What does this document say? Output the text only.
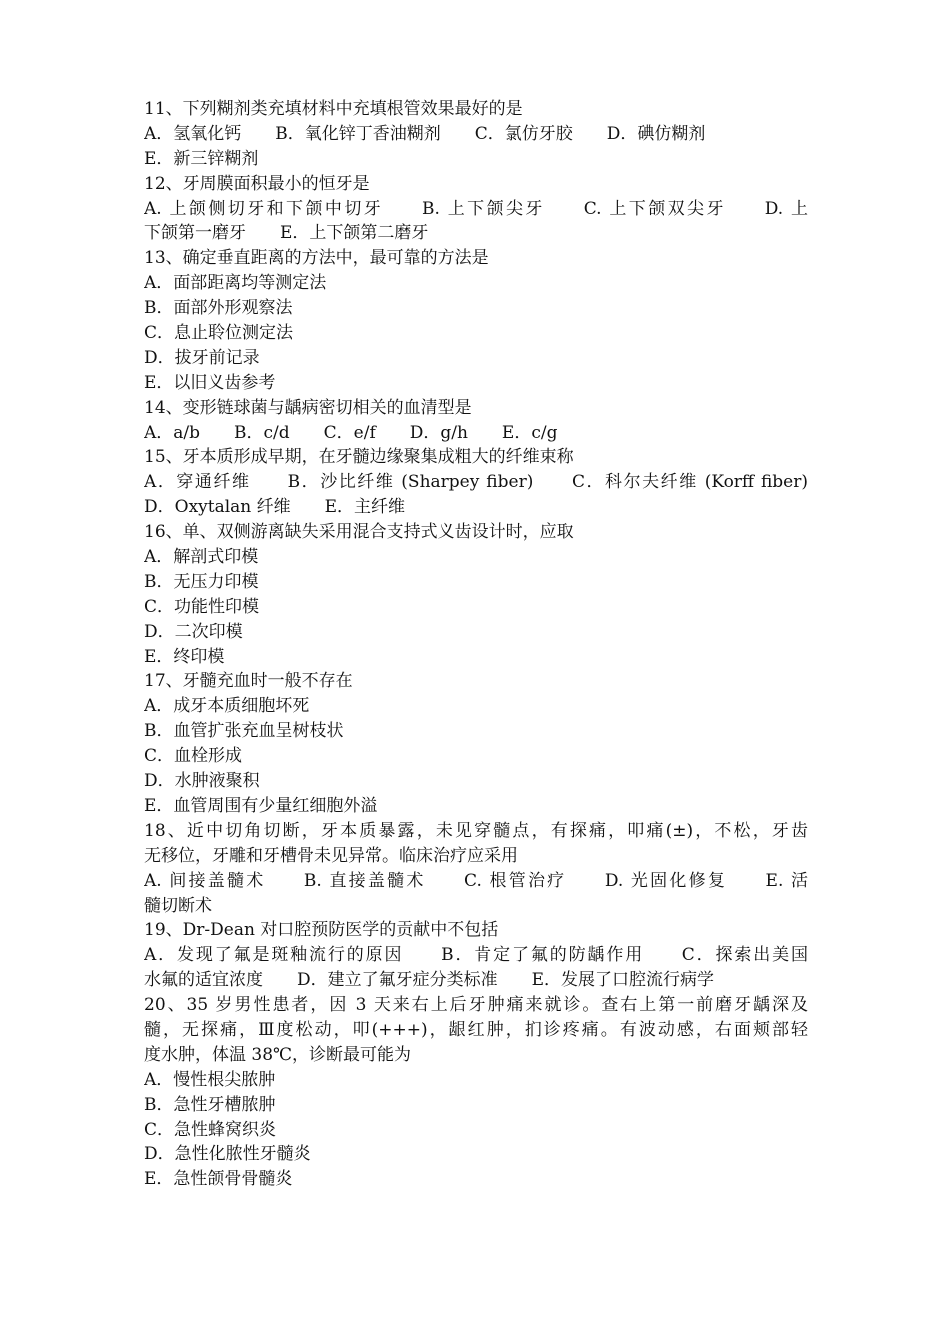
11、下列糊剂类充填材料中充填根管效果最好的是
A．氢氧化钙　　B．氧化锌丁香油糊剂　　C．氯仿牙胶　　D．碘仿糊剂
E．新三锌糊剂
12、牙周膜面积最小的恒牙是
A. 上颌侧切牙和下颌中切牙　　B. 上下颌尖牙　　C. 上下颌双尖牙　　D. 上
下颌第一磨牙　　E．上下颌第二磨牙
13、确定垂直距离的方法中，最可靠的方法是
A．面部距离均等测定法
B．面部外形观察法
C．息止聆位测定法
D．拔牙前记录
E．以旧义齿参考
14、变形链球菌与龋病密切相关的血清型是
A．a/b　　B．c/d　　C．e/f　　D．g/h　　E．c/g
15、牙本质形成早期，在牙髓边缘聚集成粗大的纤维束称
A．穿通纤维　　B．沙比纤维 (Sharpey fiber)　　C．科尔夫纤维 (Korff fiber)
D．Oxytalan 纤维　　E．主纤维
16、单、双侧游离缺失采用混合支持式义齿设计时，应取
A．解剖式印模
B．无压力印模
C．功能性印模
D．二次印模
E．终印模
17、牙髓充血时一般不存在
A．成牙本质细胞坏死
B．血管扩张充血呈树枝状
C．血栓形成
D．水肿液聚积
E．血管周围有少量红细胞外溢
18、近中切角切断，牙本质暴露，未见穿髓点，有探痛，叩痛(±)，不松，牙齿
无移位，牙雕和牙槽骨未见异常。临床治疗应采用
A. 间接盖髓术　　B. 直接盖髓术　　C. 根管治疗　　D. 光固化修复　　E. 活
髓切断术
19、Dr-Dean 对口腔预防医学的贡献中不包括
A．发现了氟是斑釉流行的原因　　B．肯定了氟的防龋作用　　C．探索出美国
水氟的适宜浓度　　D．建立了氟牙症分类标准　　E．发展了口腔流行病学
20、35 岁男性患者，因 3 天来右上后牙肿痛来就诊。查右上第一前磨牙龋深及
髓，无探痛，Ⅲ度松动，叩(+++)，龈红肿，扪诊疼痛。有波动感，右面颊部轻
度水肿，体温 38℃，诊断最可能为
A．慢性根尖脓肿
B．急性牙槽脓肿
C．急性蜂窝织炎
D．急性化脓性牙髓炎
E．急性颌骨骨髓炎
